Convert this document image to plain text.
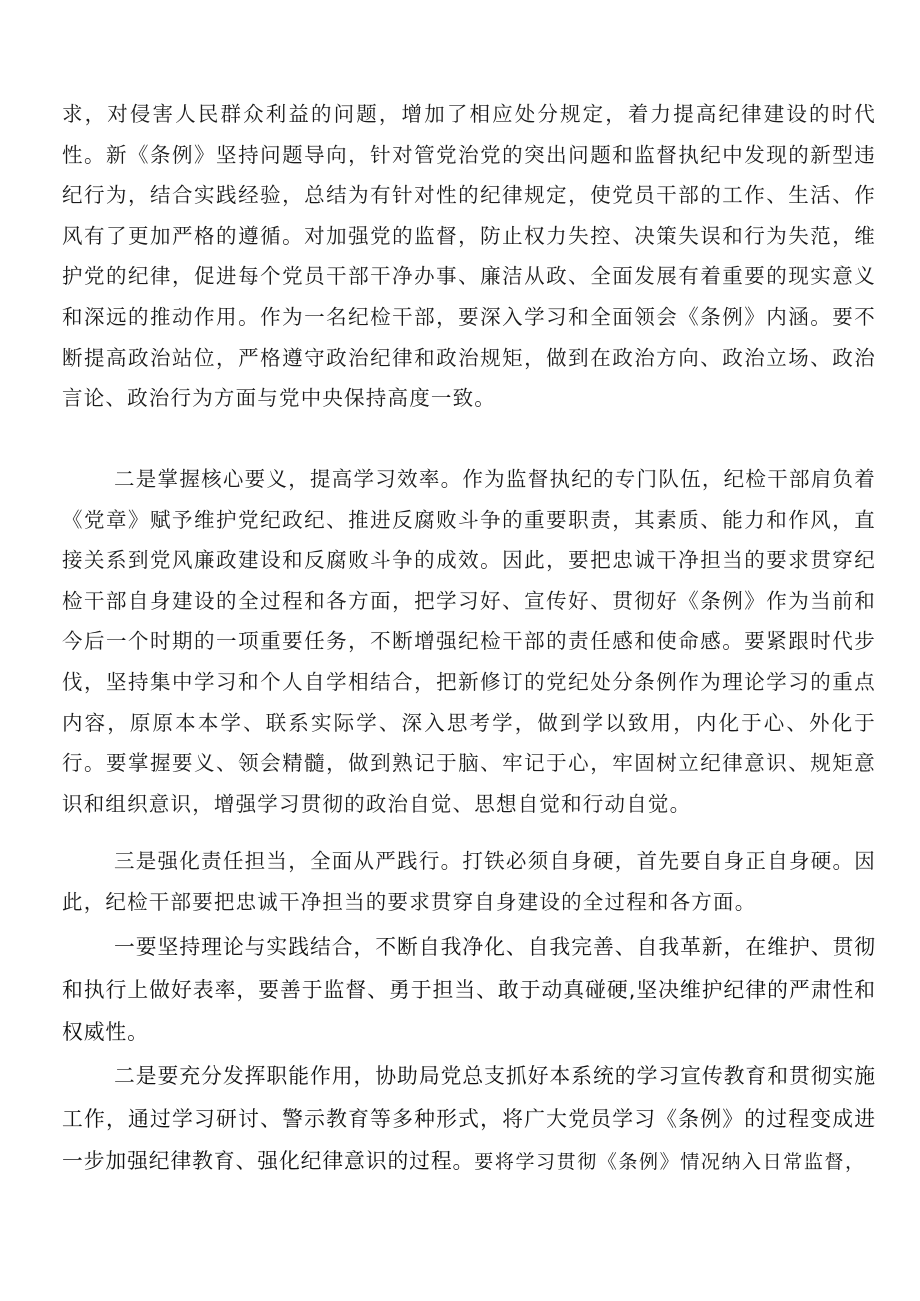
求，对侵害人民群众利益的问题，增加了相应处分规定，着力提高纪律建设的时代性。新《条例》坚持问题导向，针对管党治党的突出问题和监督执纪中发现的新型违纪行为，结合实践经验，总结为有针对性的纪律规定，使党员干部的工作、生活、作风有了更加严格的遵循。对加强党的监督，防止权力失控、决策失误和行为失范，维护党的纪律，促进每个党员干部干净办事、廉洁从政、全面发展有着重要的现实意义和深远的推动作用。作为一名纪检干部，要深入学习和全面领会《条例》内涵。要不断提高政治站位，严格遵守政治纪律和政治规矩，做到在政治方向、政治立场、政治言论、政治行为方面与党中央保持高度一致。

二是掌握核心要义，提高学习效率。作为监督执纪的专门队伍，纪检干部肩负着《党章》赋予维护党纪政纪、推进反腐败斗争的重要职责，其素质、能力和作风，直接关系到党风廉政建设和反腐败斗争的成效。因此，要把忠诚干净担当的要求贯穿纪检干部自身建设的全过程和各方面，把学习好、宣传好、贯彻好《条例》作为当前和今后一个时期的一项重要任务，不断增强纪检干部的责任感和使命感。要紧跟时代步伐，坚持集中学习和个人自学相结合，把新修订的党纪处分条例作为理论学习的重点内容，原原本本学、联系实际学、深入思考学，做到学以致用，内化于心、外化于行。要掌握要义、领会精髓，做到熟记于脑、牢记于心，牢固树立纪律意识、规矩意识和组织意识，增强学习贯彻的政治自觉、思想自觉和行动自觉。

三是强化责任担当，全面从严践行。打铁必须自身硬，首先要自身正自身硬。因此，纪检干部要把忠诚干净担当的要求贯穿自身建设的全过程和各方面。

一要坚持理论与实践结合，不断自我净化、自我完善、自我革新，在维护、贯彻和执行上做好表率，要善于监督、勇于担当、敢于动真碰硬,坚决维护纪律的严肃性和权威性。

二是要充分发挥职能作用，协助局党总支抓好本系统的学习宣传教育和贯彻实施工作，通过学习研讨、警示教育等多种形式，将广大党员学习《条例》的过程变成进一步加强纪律教育、强化纪律意识的过程。要将学习贯彻《条例》情况纳入日常监督，
